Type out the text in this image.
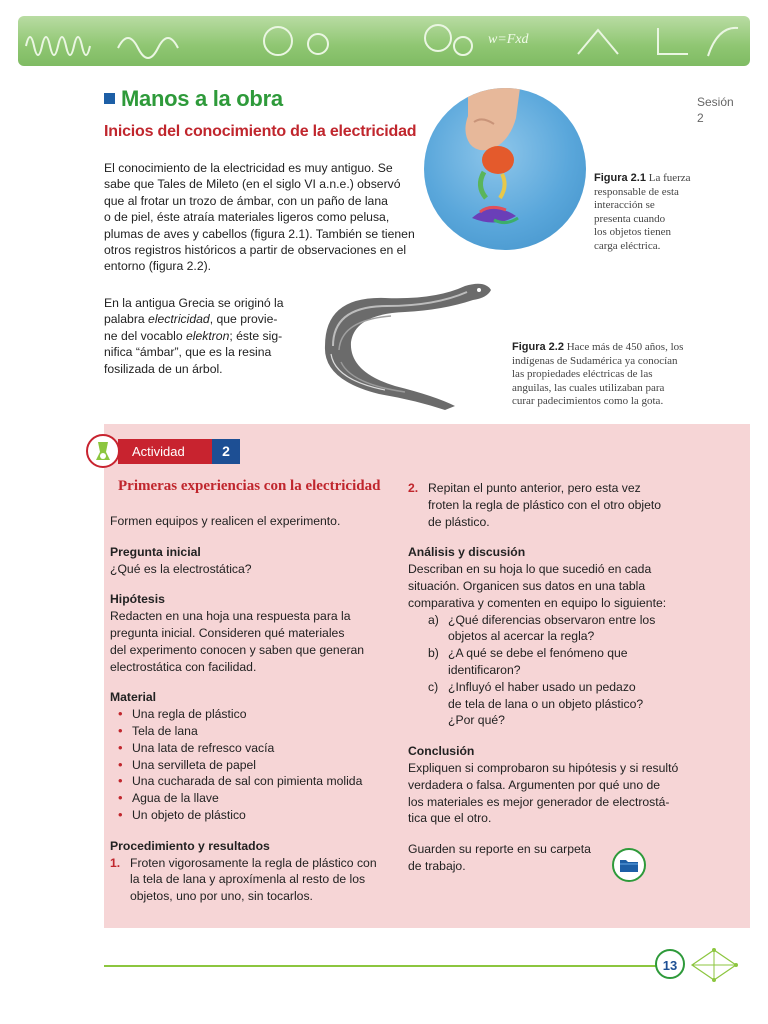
w=Fxd
Manos a la obra	Sesión
2
Inicios del conocimiento de la electricidad
El conocimiento de la electricidad es muy antiguo. Se
sabe que Tales de Mileto (en el siglo VI a.n.e.) observó
que al frotar un trozo de ámbar, con un paño de lana
o de piel, éste atraía materiales ligeros como pelusa,
plumas de aves y cabellos (figura 2.1). También se tienen
otros registros históricos a partir de observaciones en el
entorno (figura 2.2).
En la antigua Grecia se originó la
palabra electricidad, que provie-
ne del vocablo elektron; éste sig-
nifica “ámbar”, que es la resina
fosilizada de un árbol.
Figura 2.1 La fuerza
responsable de esta
interacción se
presenta cuando
los objetos tienen
carga eléctrica.
Figura 2.2 Hace más de 450 años, los
indígenas de Sudamérica ya conocían
las propiedades eléctricas de las
anguilas, las cuales utilizaban para
curar padecimientos como la gota.
Actividad	2
Primeras experiencias con la electricidad
Formen equipos y realicen el experimento.
Pregunta inicial
¿Qué es la electrostática?
Hipótesis
Redacten en una hoja una respuesta para la
pregunta inicial. Consideren qué materiales
del experimento conocen y saben que generan
electrostática con facilidad.
Material
• Una regla de plástico
• Tela de lana
• Una lata de refresco vacía
• Una servilleta de papel
• Una cucharada de sal con pimienta molida
• Agua de la llave
• Un objeto de plástico
Procedimiento y resultados
1. Froten vigorosamente la regla de plástico con
la tela de lana y aproxímenla al resto de los
objetos, uno por uno, sin tocarlos.
2. Repitan el punto anterior, pero esta vez
froten la regla de plástico con el otro objeto
de plástico.
Análisis y discusión
Describan en su hoja lo que sucedió en cada
situación. Organicen sus datos en una tabla
comparativa y comenten en equipo lo siguiente:
a) ¿Qué diferencias observaron entre los
objetos al acercar la regla?
b) ¿A qué se debe el fenómeno que
identificaron?
c) ¿Influyó el haber usado un pedazo
de tela de lana o un objeto plástico?
¿Por qué?
Conclusión
Expliquen si comprobaron su hipótesis y si resultó
verdadera o falsa. Argumenten por qué uno de
los materiales es mejor generador de electrostá-
tica que el otro.
Guarden su reporte en su carpeta
de trabajo.
13
